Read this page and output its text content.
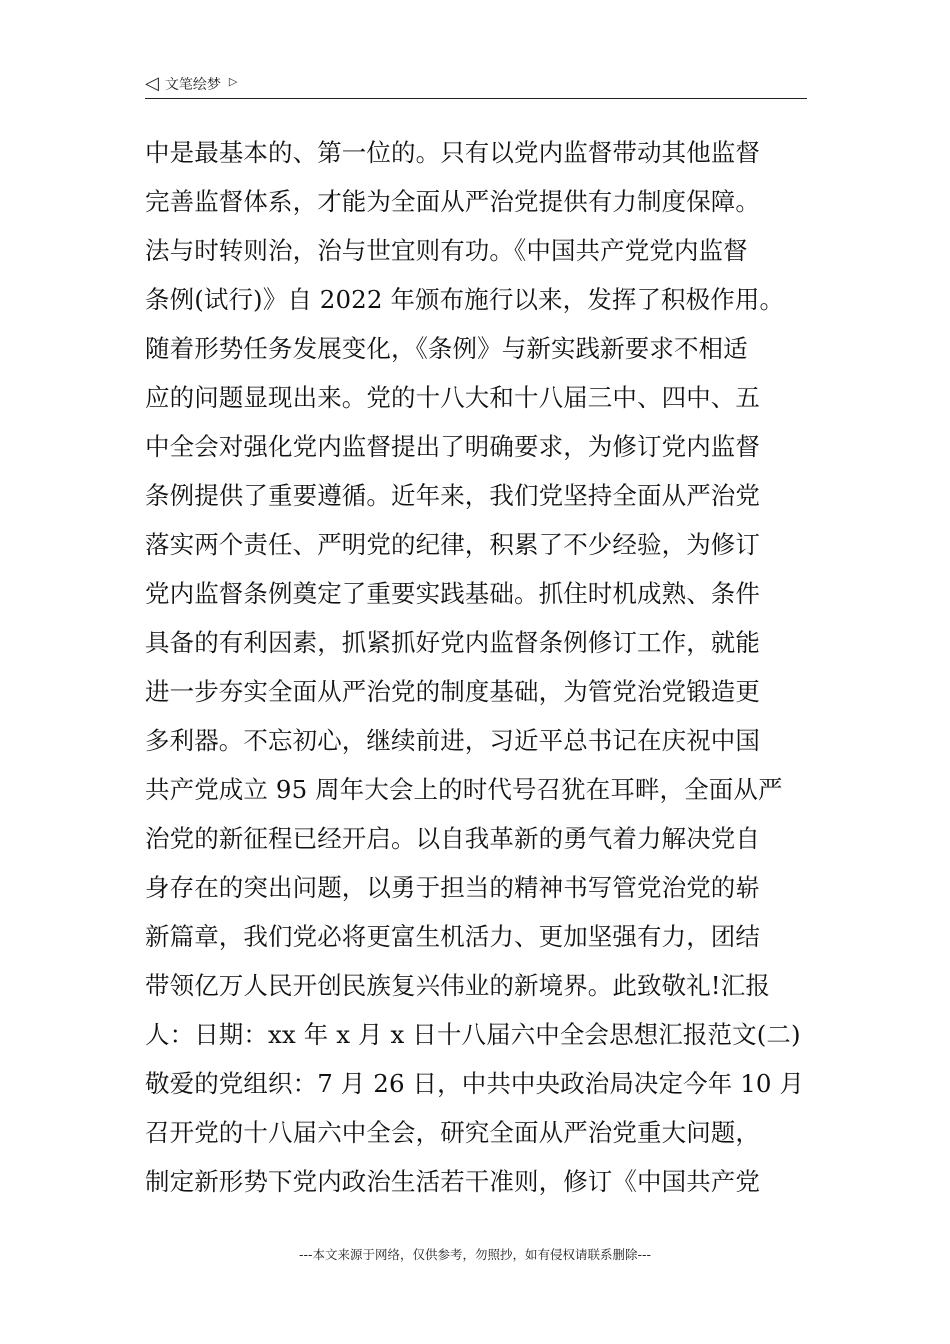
◁ 文笔绘梦 ▷
中是最基本的、第一位的。只有以党内监督带动其他监督
完善监督体系，才能为全面从严治党提供有力制度保障。
法与时转则治，治与世宜则有功。《中国共产党党内监督
条例(试行)》自 2022 年颁布施行以来，发挥了积极作用。
随着形势任务发展变化，《条例》与新实践新要求不相适
应的问题显现出来。党的十八大和十八届三中、四中、五
中全会对强化党内监督提出了明确要求，为修订党内监督
条例提供了重要遵循。近年来，我们党坚持全面从严治党
落实两个责任、严明党的纪律，积累了不少经验，为修订
党内监督条例奠定了重要实践基础。抓住时机成熟、条件
具备的有利因素，抓紧抓好党内监督条例修订工作，就能
进一步夯实全面从严治党的制度基础，为管党治党锻造更
多利器。不忘初心，继续前进，习近平总书记在庆祝中国
共产党成立 95 周年大会上的时代号召犹在耳畔，全面从严
治党的新征程已经开启。以自我革新的勇气着力解决党自
身存在的突出问题，以勇于担当的精神书写管党治党的崭
新篇章，我们党必将更富生机活力、更加坚强有力，团结
带领亿万人民开创民族复兴伟业的新境界。此致敬礼!汇报
人：日期：xx 年 x 月 x 日十八届六中全会思想汇报范文(二)
敬爱的党组织：7 月 26 日，中共中央政治局决定今年 10 月
召开党的十八届六中全会，研究全面从严治党重大问题，
制定新形势下党内政治生活若干准则，修订《中国共产党
---本文来源于网络，仅供参考，勿照抄，如有侵权请联系删除---
